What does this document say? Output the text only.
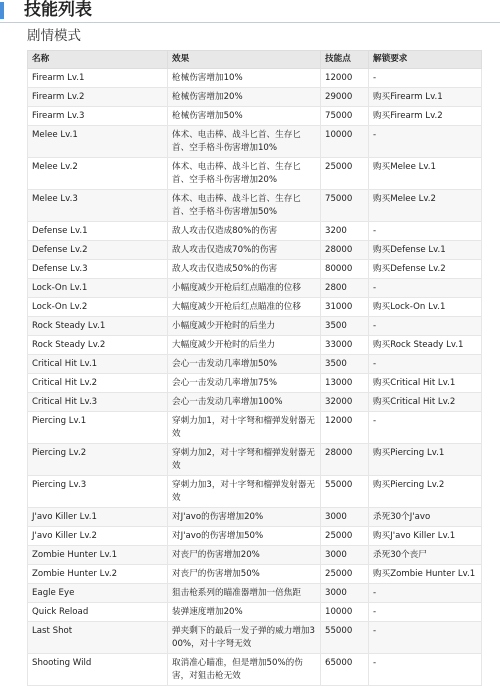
技能列表
剧情模式
名称	效果	技能点	解锁要求
Firearm Lv.1	枪械伤害增加10%	12000	-
Firearm Lv.2	枪械伤害增加20%	29000	购买Firearm Lv.1
Firearm Lv.3	枪械伤害增加50%	75000	购买Firearm Lv.2
Melee Lv.1	体术、电击棒、战斗匕首、生存匕首、空手格斗伤害增加10%	10000	-
Melee Lv.2	体术、电击棒、战斗匕首、生存匕首、空手格斗伤害增加20%	25000	购买Melee Lv.1
Melee Lv.3	体术、电击棒、战斗匕首、生存匕首、空手格斗伤害增加50%	75000	购买Melee Lv.2
Defense Lv.1	敌人攻击仅造成80%的伤害	3200	-
Defense Lv.2	敌人攻击仅造成70%的伤害	28000	购买Defense Lv.1
Defense Lv.3	敌人攻击仅造成50%的伤害	80000	购买Defense Lv.2
Lock-On Lv.1	小幅度减少开枪后红点瞄准的位移	2800	-
Lock-On Lv.2	大幅度减少开枪后红点瞄准的位移	31000	购买Lock-On Lv.1
Rock Steady Lv.1	小幅度减少开枪时的后坐力	3500	-
Rock Steady Lv.2	大幅度减少开枪时的后坐力	33000	购买Rock Steady Lv.1
Critical Hit Lv.1	会心一击发动几率增加50%	3500	-
Critical Hit Lv.2	会心一击发动几率增加75%	13000	购买Critical Hit Lv.1
Critical Hit Lv.3	会心一击发动几率增加100%	32000	购买Critical Hit Lv.2
Piercing Lv.1	穿刺力加1，对十字弩和榴弹发射器无效	12000	-
Piercing Lv.2	穿刺力加2，对十字弩和榴弹发射器无效	28000	购买Piercing Lv.1
Piercing Lv.3	穿刺力加3，对十字弩和榴弹发射器无效	55000	购买Piercing Lv.2
J'avo Killer Lv.1	对J'avo的伤害增加20%	3000	杀死30个J'avo
J'avo Killer Lv.2	对J'avo的伤害增加50%	25000	购买J'avo Killer Lv.1
Zombie Hunter Lv.1	对丧尸的伤害增加20%	3000	杀死30个丧尸
Zombie Hunter Lv.2	对丧尸的伤害增加50%	25000	购买Zombie Hunter Lv.1
Eagle Eye	狙击枪系列的瞄准器增加一倍焦距	3000	-
Quick Reload	装弹速度增加20%	10000	-
Last Shot	弹夹剩下的最后一发子弹的威力增加300%，对十字弩无效	55000	-
Shooting Wild	取消准心瞄准，但是增加50%的伤害，对狙击枪无效	65000	-
